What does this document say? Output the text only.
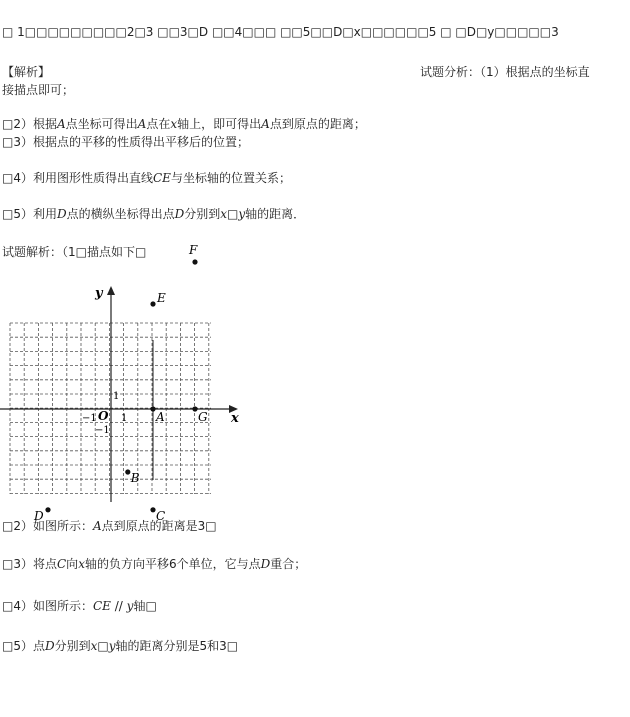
□ 1□□□□□□□□□2□3 □□3□D □□4□□□ □□5□□D□x□□□□□□5 □ □D□y□□□□□3
【解析】	试题分析：（1）根据点的坐标直
接描点即可；
□2）根据A点坐标可得出A点在x轴上，即可得出A点到原点的距离；
□3）根据点的平移的性质得出平移后的位置；
□4）利用图形性质得出直线CE与坐标轴的位置关系；
□5）利用D点的横纵坐标得出点D分别到x□y轴的距离．
试题解析：（1□描点如下□
x
y
O 1
−1
1
−1
F
E
A	G
B
C
D
□2）如图所示：A点到原点的距离是3□
□3）将点C向x轴的负方向平移6个单位，它与点D重合；
□4）如图所示：CE // y轴□
□5）点D分别到x□y轴的距离分别是5和3□
